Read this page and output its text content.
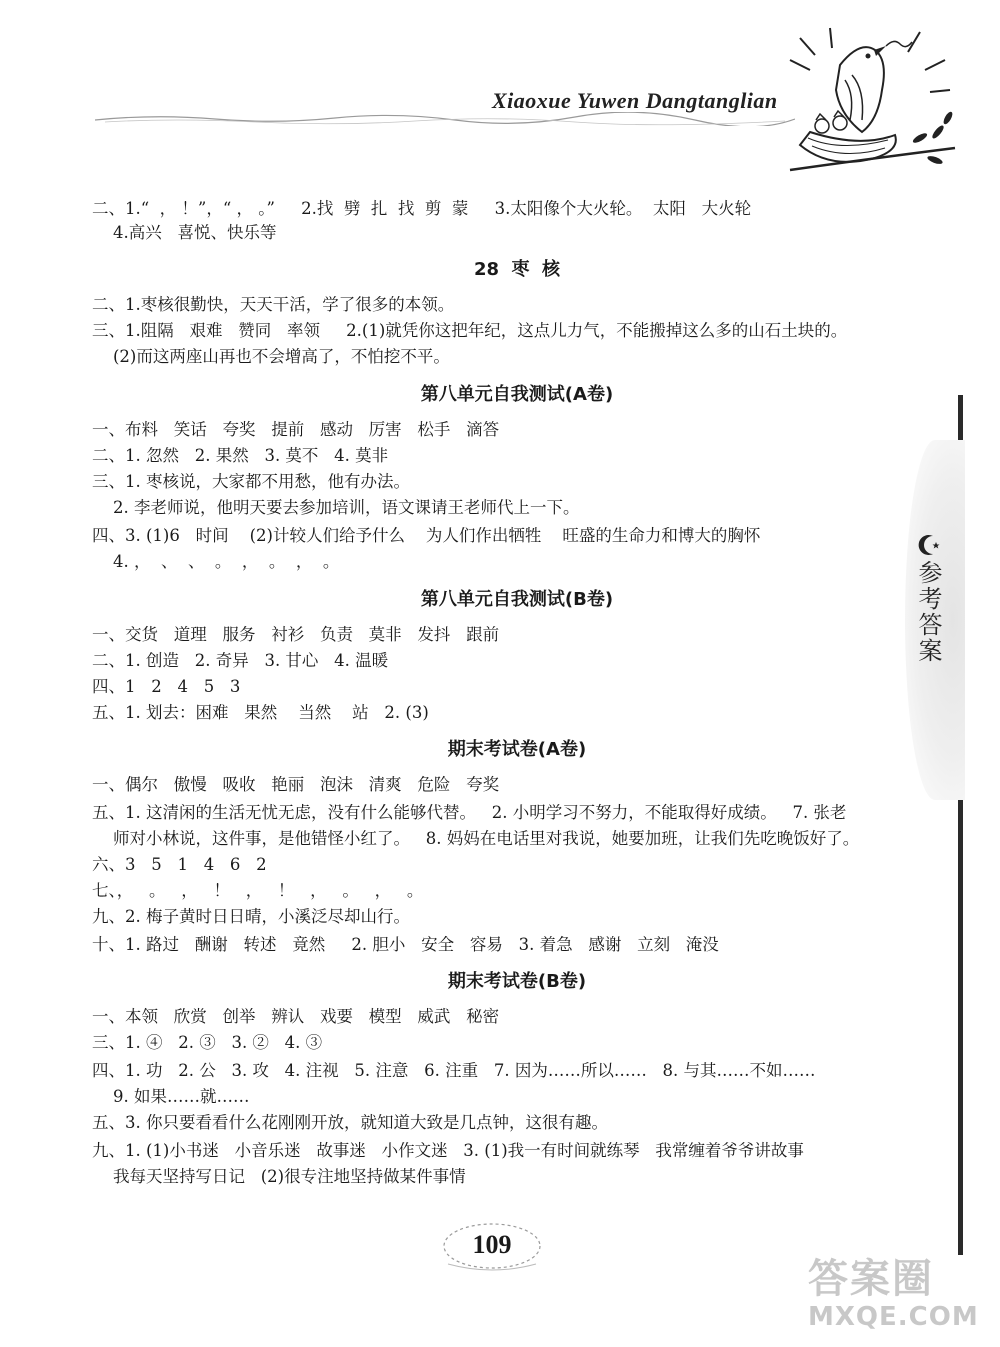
Xiaoxue Yuwen Dangtanglian
参考答案
二、1.“  ， ！”，“ ， 。”     2.找  劈  扎  找  剪  蒙     3.太阳像个大火轮。  太阳   大火轮
4.高兴   喜悦、快乐等
28  枣  核
二、1.枣核很勤快，天天干活，学了很多的本领。
三、1.阻隔   艰难   赞同   率领     2.(1)就凭你这把年纪，这点儿力气，不能搬掉这么多的山石土块的。
(2)而这两座山再也不会增高了，不怕挖不平。
第八单元自我测试(A卷)
一、布料   笑话   夸奖   提前   感动   厉害   松手   滴答
二、1. 忽然   2. 果然   3. 莫不   4. 莫非
三、1. 枣核说，大家都不用愁，他有办法。
2. 李老师说，他明天要去参加培训，语文课请王老师代上一下。
四、3. (1)6   时间    (2)计较人们给予什么    为人们作出牺牲    旺盛的生命力和博大的胸怀
4. ，  、  、  。  ，  。  ，  。
第八单元自我测试(B卷)
一、交货   道理   服务   衬衫   负责   莫非   发抖   跟前
二、1. 创造   2. 奇异   3. 甘心   4. 温暖
四、1   2   4   5   3
五、1. 划去：困难   果然    当然    站   2. (3)
期末考试卷(A卷)
一、偶尔   傲慢   吸收   艳丽   泡沫   清爽   危险   夸奖
五、1. 这清闲的生活无忧无虑，没有什么能够代替。   2. 小明学习不努力，不能取得好成绩。   7. 张老
师对小林说，这件事，是他错怪小红了。   8. 妈妈在电话里对我说，她要加班，让我们先吃晚饭好了。
六、3   5   1   4   6   2
七、，   。   ，   ！   ，   ！   ，   。   ，   。
九、2. 梅子黄时日日晴，小溪泛尽却山行。
十、1. 路过   酬谢   转述   竟然     2. 胆小   安全   容易   3. 着急   感谢   立刻   淹没
期末考试卷(B卷)
一、本领   欣赏   创举   辨认   戏要   模型   威武   秘密
三、1. ④   2. ③   3. ②   4. ③
四、1. 功   2. 公   3. 攻   4. 注视   5. 注意   6. 注重   7. 因为……所以……   8. 与其……不如……
9. 如果……就……
五、3. 你只要看看什么花刚刚开放，就知道大致是几点钟，这很有趣。
九、1. (1)小书迷   小音乐迷   故事迷   小作文迷   3. (1)我一有时间就练琴   我常缠着爷爷讲故事
我每天坚持写日记   (2)很专注地坚持做某件事情
109
答案圈
MXQE.COM
